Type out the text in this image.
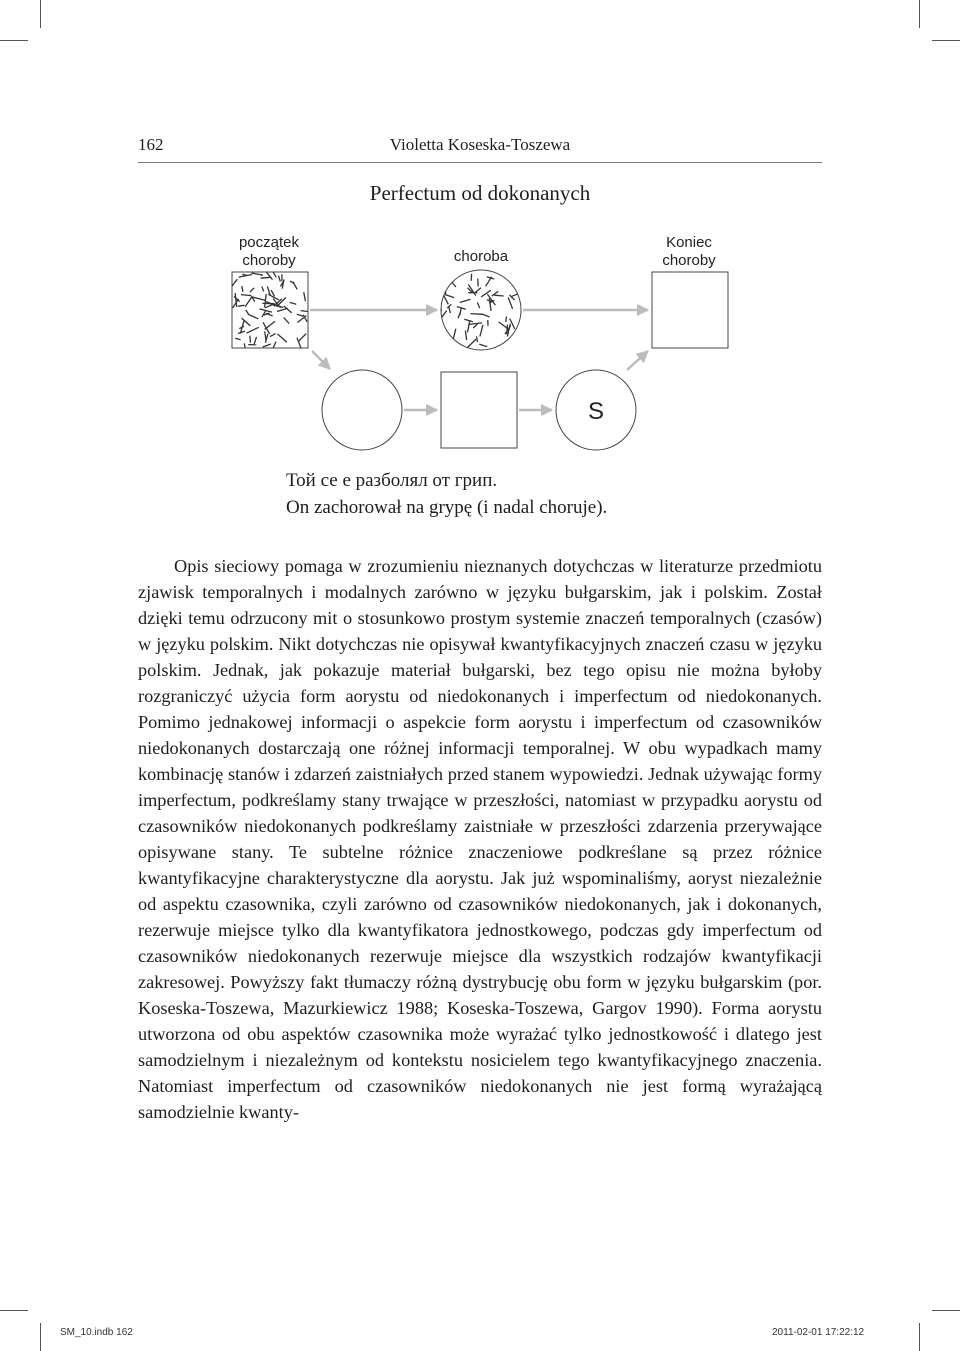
162	Violetta Koseska-Toszewa
Perfectum od dokonanych
początek
choroby	choroba
Koniec
choroby
S
Той се е разболял от грип.
On zachorował na grypę (i nadal choruje).

Opis sieciowy pomaga w zrozumieniu nieznanych dotychczas w literaturze przedmiotu zjawisk temporalnych i modalnych zarówno w języku bułgarskim, jak i polskim. Został dzięki temu odrzucony mit o stosunkowo prostym systemie znaczeń temporalnych (czasów) w języku polskim. Nikt dotychczas nie opisywał kwantyfikacyjnych znaczeń czasu w języku polskim. Jednak, jak pokazuje materiał bułgarski, bez tego opisu nie można byłoby rozgraniczyć użycia form aorystu od niedokonanych i imperfectum od niedokonanych. Pomimo jednakowej informacji o aspekcie form aorystu i imperfectum od czasowników niedokonanych dostarczają one różnej informacji temporalnej. W obu wypadkach mamy kombinację stanów i zdarzeń zaistniałych przed stanem wypowiedzi. Jednak używając formy imperfectum, podkreślamy stany trwające w przeszłości, natomiast w przypadku aorystu od czasowników niedokonanych podkreślamy zaistniałe w przeszłości zdarzenia przerywające opisywane stany. Te subtelne różnice znaczeniowe podkreślane są przez różnice kwantyfikacyjne charakterystyczne dla aorystu. Jak już wspominaliśmy, aoryst niezależnie od aspektu czasownika, czyli zarówno od czasowników niedokonanych, jak i dokonanych, rezerwuje miejsce tylko dla kwantyfikatora jednostkowego, podczas gdy imperfectum od czasowników niedokonanych rezerwuje miejsce dla wszystkich rodzajów kwantyfikacji zakresowej. Powyższy fakt tłumaczy różną dystrybucję obu form w języku bułgarskim (por. Koseska-Toszewa, Mazurkiewicz 1988; Koseska-Toszewa, Gargov 1990). Forma aorystu utworzona od obu aspektów czasownika może wyrażać tylko jednostkowość i dlatego jest samodzielnym i niezależnym od kontekstu nosicielem tego kwantyfikacyjnego znaczenia. Natomiast imperfectum od czasowników niedokonanych nie jest formą wyrażającą samodzielnie kwanty-

SM_10.indb 162	2011-02-01 17:22:12
